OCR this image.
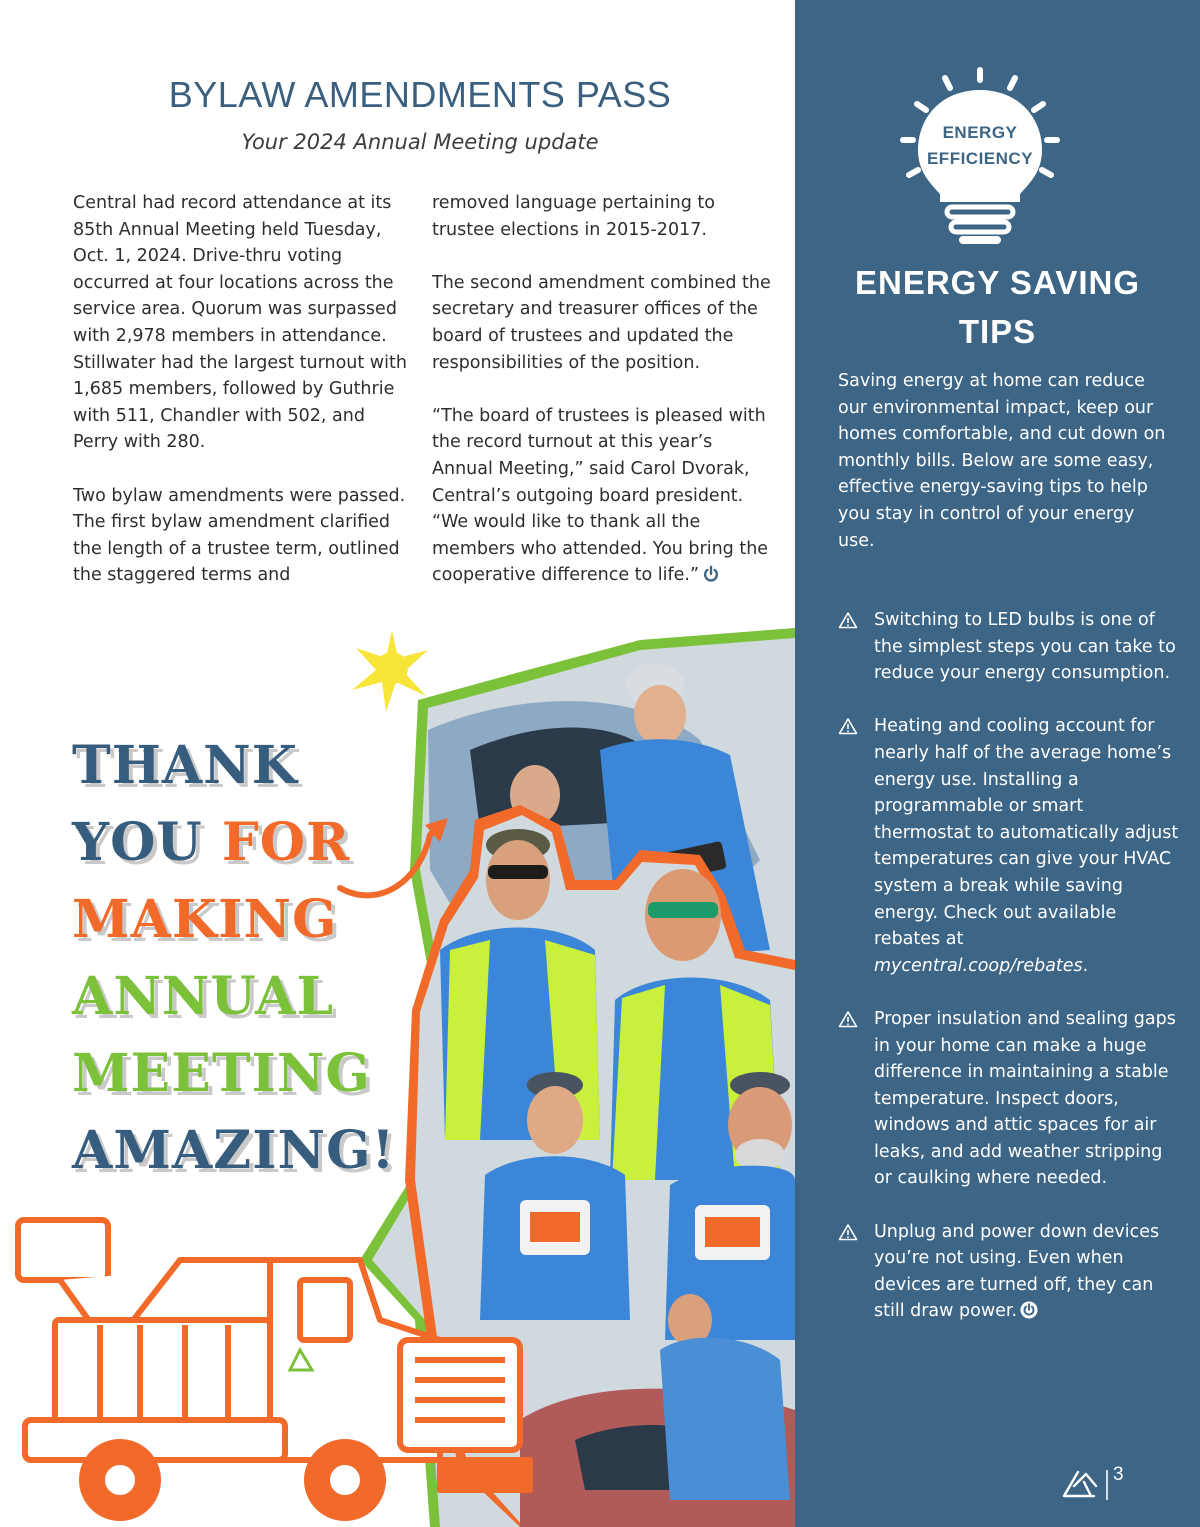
BYLAW AMENDMENTS PASS
Your 2024 Annual Meeting update

Central had record attendance at its 85th Annual Meeting held Tuesday, Oct. 1, 2024. Drive-thru voting occurred at four locations across the service area. Quorum was surpassed with 2,978 members in attendance. Stillwater had the largest turnout with 1,685 members, followed by Guthrie with 511, Chandler with 502, and Perry with 280.

Two bylaw amendments were passed. The first bylaw amendment clarified the length of a trustee term, outlined the staggered terms and

removed language pertaining to trustee elections in 2015-2017.

The second amendment combined the secretary and treasurer offices of the board of trustees and updated the responsibilities of the position.

“The board of trustees is pleased with the record turnout at this year’s Annual Meeting,” said Carol Dvorak, Central’s outgoing board president. “We would like to thank all the members who attended. You bring the cooperative difference to life.”

THANK
YOU FOR
MAKING
ANNUAL
MEETING
AMAZING!
ENERGY
EFFICIENCY
ENERGY SAVING
TIPS

Saving energy at home can reduce our environmental impact, keep our homes comfortable, and cut down on monthly bills. Below are some easy, effective energy-saving tips to help you stay in control of your energy use.

Switching to LED bulbs is one of the simplest steps you can take to reduce your energy consumption.
Heating and cooling account for nearly half of the average home’s energy use. Installing a programmable or smart thermostat to automatically adjust temperatures can give your HVAC system a break while saving energy. Check out available rebates at mycentral.coop/rebates.
Proper insulation and sealing gaps in your home can make a huge difference in maintaining a stable temperature. Inspect doors, windows and attic spaces for air leaks, and add weather stripping or caulking where needed.
Unplug and power down devices you’re not using. Even when devices are turned off, they can still draw power.
3
